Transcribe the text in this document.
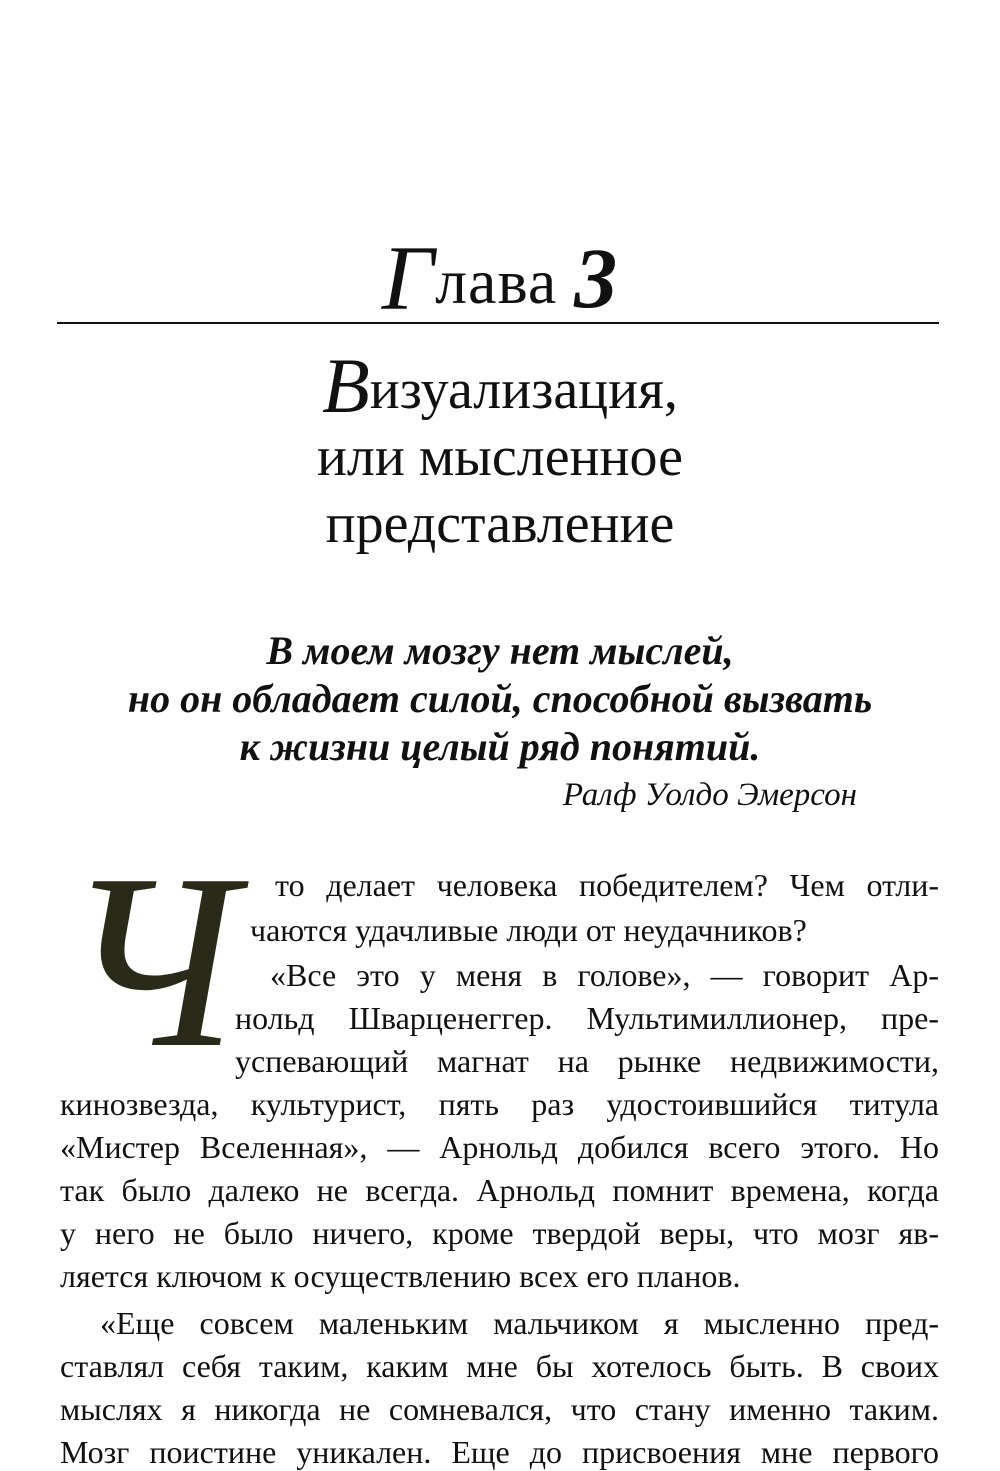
Глава 3
Визуализация,
или мысленное
представление
В моем мозгу нет мыслей,
но он обладает силой, способной вызвать
к жизни целый ряд понятий.
Ралф Уолдо Эмерсон
Ч	то делает человека победителем? Чем отли-
чаются удачливые люди от неудачников?
«Все это у меня в голове», — говорит Ар-
нольд Шварценеггер. Мультимиллионер, пре-
успевающий магнат на рынке недвижимости,
кинозвезда, культурист, пять раз удостоившийся титула
«Мистер Вселенная», — Арнольд добился всего этого. Но
так было далеко не всегда. Арнольд помнит времена, когда
у него не было ничего, кроме твердой веры, что мозг яв-
ляется ключом к осуществлению всех его планов.
«Еще совсем маленьким мальчиком я мысленно пред-
ставлял себя таким, каким мне бы хотелось быть. В своих
мыслях я никогда не сомневался, что стану именно таким.
Мозг поистине уникален. Еще до присвоения мне первого
